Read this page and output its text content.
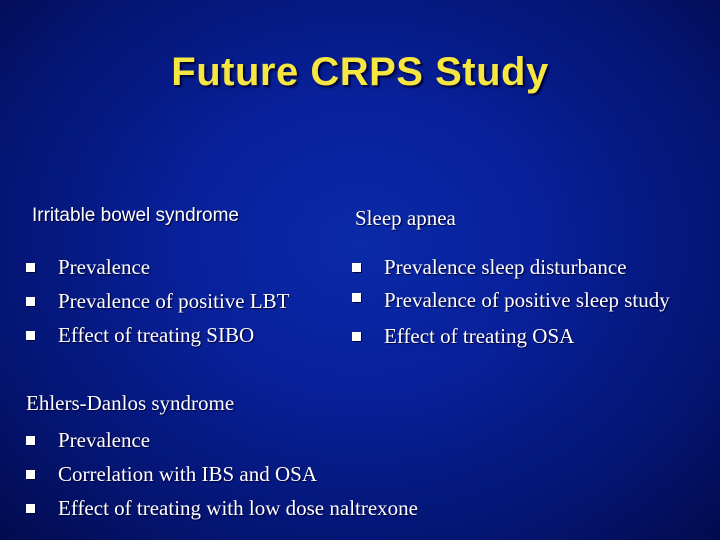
Future CRPS Study
Irritable bowel syndrome
Prevalence
Prevalence of positive LBT
Effect of treating SIBO
Sleep apnea
Prevalence sleep disturbance
Prevalence of positive sleep study
Effect of treating OSA
Ehlers-Danlos syndrome
Prevalence
Correlation with IBS and OSA
Effect of treating with low dose naltrexone
